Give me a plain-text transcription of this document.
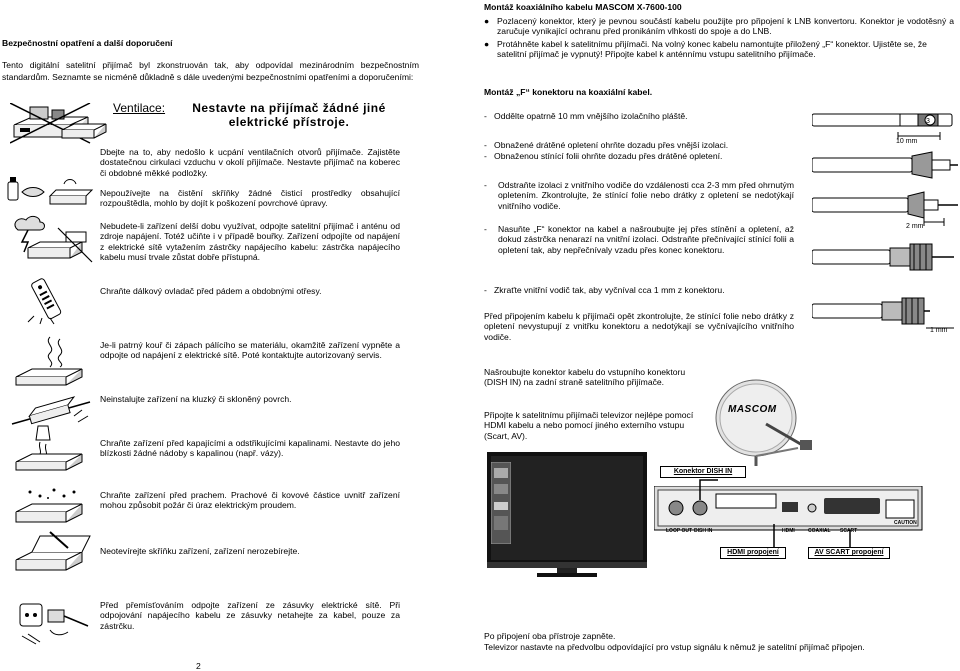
Bezpečnostní opatření a další doporučení
Tento digitální satelitní přijímač byl zkonstruován tak, aby odpovídal mezinárodním bezpečnostním standardům. Seznamte se nicméně důkladně s dále uvedenými bezpečnostními opatřeními a doporučeními:
Ventilace:	Nestavte na přijímač žádné jiné elektrické přístroje.
Dbejte na to, aby nedošlo k ucpání ventilačních otvorů přijímače. Zajistěte dostatečnou cirkulaci vzduchu v okolí přijímače. Nestavte přijímač na koberec či obdobné měkké podložky.
Nepoužívejte na čistění skříňky žádné čisticí prostředky obsahující rozpouštědla, mohlo by dojít k poškození povrchové úpravy.
Nebudete-li zařízení delší dobu využívat, odpojte satelitní přijímač i anténu od zdroje napájení. Totéž učiňte i v případě bouřky. Zařízení odpojíte od napájení z elektrické sítě vytažením zástrčky napájecího kabelu: zástrčka napájecího kabelu musí trvale zůstat dobře přístupná.
Chraňte dálkový ovladač před pádem a obdobnými otřesy.
Je-li patrný kouř či zápach pálícího se materiálu, okamžitě zařízení vypněte a odpojte od napájení z elektrické sítě. Poté kontaktujte autorizovaný servis.
Neinstalujte zařízení na kluzký či skloněný povrch.
Chraňte zařízení před kapajícími a odstřikujícími kapalinami. Nestavte do jeho blízkosti žádné nádoby s kapalinou (např. vázy).
Chraňte zařízení před prachem. Prachové či kovové částice uvnitř zařízení mohou způsobit požár či úraz elektrickým proudem.
Neotevírejte skříňku zařízení, zařízení nerozebírejte.
Před přemísťováním odpojte zařízení ze zásuvky elektrické sítě. Při odpojování napájecího kabelu ze zásuvky netahejte za kabel, pouze za zástrčku.
2
Montáž koaxiálního kabelu MASCOM X-7600-100
● Pozlacený konektor, který je pevnou součástí kabelu použijte pro připojení k LNB konvertoru. Konektor je vodotěsný a zaručuje vynikající ochranu před pronikáním vlhkosti do spoje a do LNB.
● Protáhněte kabel k satelitnímu přijímači. Na volný konec kabelu namontujte přiložený „F“ konektor. Ujistěte se, že satelitní přijímač je vypnutý! Připojte kabel k anténnímu vstupu satelitního přijímače.
Montáž „F“ konektoru na koaxiální kabel.
-   Oddělte opatrně 10 mm vnějšího izolačního pláště.
3
10 mm
-   Obnažené drátěné opletení ohrňte dozadu přes vnější izolaci.
-   Obnaženou stínící folii ohrňte dozadu přes drátěné opletení.
-	Odstraňte izolaci z vnitřního vodiče do vzdálenosti cca 2-3 mm před ohrnutým opletením. Zkontrolujte, že stínící folie nebo drátky z opletení se nedotýkají vnitřního vodiče.
-	Nasuňte „F“ konektor na kabel a našroubujte jej přes stínění a opletení, až dokud zástrčka nenarazí na vnitřní izolaci. Odstraňte přečnívající stínící folii a opletení tak, aby nepřečnívaly vzadu přes konec konektoru.
2 mm
-   Zkraťte vnitřní vodič tak, aby vyčníval cca 1 mm z konektoru.
1 mm
Před připojením kabelu k přijímači opět zkontrolujte, že stínící folie nebo drátky z opletení nevystupují z vnitřku konektoru a nedotýkají se vyčnívajícího vnitřního vodiče.
Našroubujte konektor kabelu do vstupního konektoru (DISH IN) na zadní straně satelitního přijímače.
Připojte k satelitnímu přijímači televizor nejlépe pomocí HDMI kabelu a nebo pomocí jiného externího vstupu (Scart, AV).
MASCOM
LOOP OUT DISH IN	HDMI	COAXIAL SCART
CAUTION
Konektor DISH IN
HDMI propojení	AV SCART propojení
Po připojení oba přístroje zapněte.
Televizor nastavte na předvolbu odpovídající pro vstup signálu k němuž je satelitní přijímač připojen.
